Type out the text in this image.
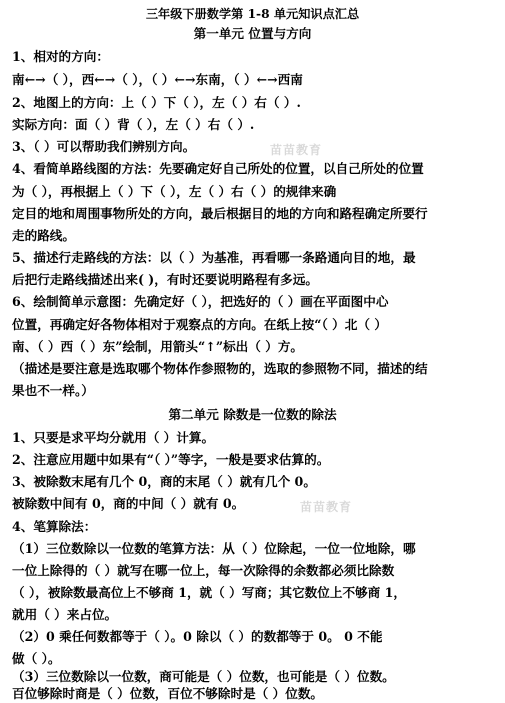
三年级下册数学第 1-8 单元知识点汇总
第一单元 位置与方向
1、相对的方向：
南←→（ ），西←→（ ），（ ）←→东南，（ ）←→西南
2、地图上的方向：上（ ）下（ ），左（ ）右（ ）.
实际方向：面（ ）背（ ），左（ ）右（ ）.
3、（ ）可以帮助我们辨别方向。
4、看简单路线图的方法：先要确定好自己所处的位置，以自己所处的位置
为（ ），再根据上（ ）下（ ），左（ ）右（ ）的规律来确
定目的地和周围事物所处的方向，最后根据目的地的方向和路程确定所要行
走的路线。
5、描述行走路线的方法：以（ ）为基准，再看哪一条路通向目的地，最
后把行走路线描述出来( )，有时还要说明路程有多远。
6、绘制简单示意图：先确定好（ ），把选好的（ ）画在平面图中心
位置，再确定好各物体相对于观察点的方向。在纸上按“（ ）北（ ）
南、（ ）西（ ）东”绘制，用箭头“↑”标出（ ）方。
（描述是要注意是选取哪个物体作参照物的，选取的参照物不同，描述的结
果也不一样。）
第二单元 除数是一位数的除法
1、只要是求平均分就用（ ）计算。
2、注意应用题中如果有“（ ）”等字，一般是要求估算的。
3、被除数末尾有几个 0，商的末尾（ ）就有几个 0。
被除数中间有 0，商的中间（ ）就有 0。
4、笔算除法：
（1）三位数除以一位数的笔算方法：从（ ）位除起，一位一位地除，哪
一位上除得的（ ）就写在哪一位上，每一次除得的余数都必须比除数
（ ），被除数最高位上不够商 1，就（ ）写商；其它数位上不够商 1，
就用（ ）来占位。
（2）0 乘任何数都等于（ ）。0 除以（ ）的数都等于 0。 0 不能
做（ ）。
（3）三位数除以一位数，商可能是（ ）位数，也可能是（ ）位数。
百位够除时商是（ ）位数，百位不够除时是（ ）位数。
苗苗教育
苗苗教育
